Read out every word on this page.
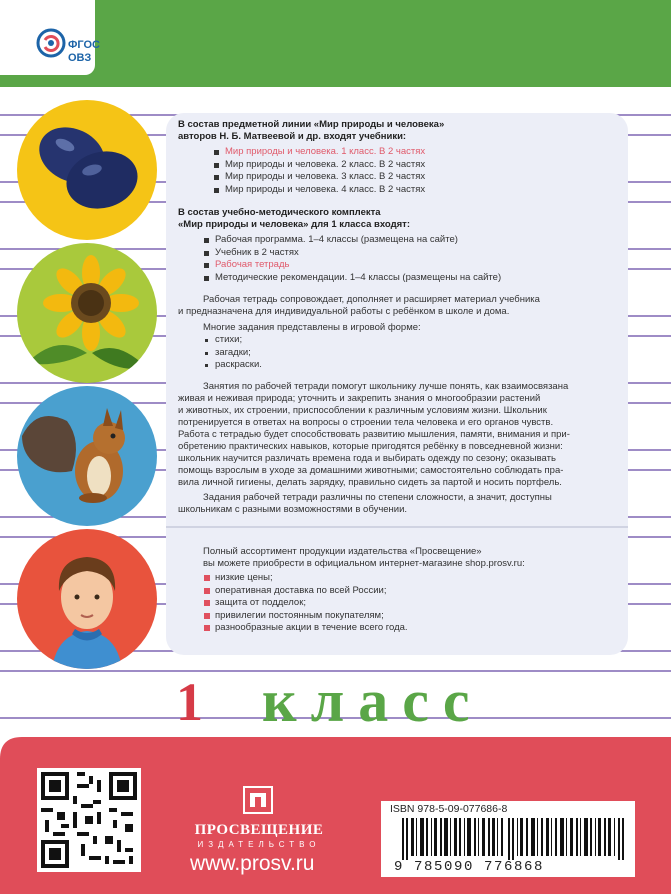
ФГОС
ОВЗ
В состав предметной линии «Мир природы и человека»
авторов Н. Б. Матвеевой и др. входят учебники:
Мир природы и человека. 1 класс. В 2 частях
Мир природы и человека. 2 класс. В 2 частях
Мир природы и человека. 3 класс. В 2 частях
Мир природы и человека. 4 класс. В 2 частях
В состав учебно-методического комплекта
«Мир природы и человека» для 1 класса входят:
Рабочая программа. 1–4 классы (размещена на сайте)
Учебник в 2 частях
Рабочая тетрадь
Методические рекомендации. 1–4 классы (размещены на сайте)
Рабочая тетрадь сопровождает, дополняет и расширяет материал учебника
и предназначена для индивидуальной работы с ребёнком в школе и дома.
Многие задания представлены в игровой форме:
стихи;
загадки;
раскраски.
Занятия по рабочей тетради помогут школьнику лучше понять, как взаимосвязана
живая и неживая природа; уточнить и закрепить знания о многообразии растений
и животных, их строении, приспособлении к различным условиям жизни. Школьник
потренируется в ответах на вопросы о строении тела человека и его органов чувств.
Работа с тетрадью будет способствовать развитию мышления, памяти, внимания и при-
обретению практических навыков, которые пригодятся ребёнку в повседневной жизни:
школьник научится различать времена года и выбирать одежду по сезону; оказывать
помощь взрослым в уходе за домашними животными; самостоятельно соблюдать пра-
вила личной гигиены, делать зарядку, правильно сидеть за партой и носить портфель.
Задания рабочей тетради различны по степени сложности, а значит, доступны
школьникам с разными возможностями в обучении.
Полный ассортимент продукции издательства «Просвещение»
вы можете приобрести в официальном интернет-магазине shop.prosv.ru:
низкие цены;
оперативная доставка по всей России;
защита от подделок;
привилегии постоянным покупателям;
разнообразные акции в течение всего года.
1 класс
ПРОСВЕЩЕНИЕ
ИЗДАТЕЛЬСТВО
www.prosv.ru
ISBN 978-5-09-077686-8
9 785090 776868
